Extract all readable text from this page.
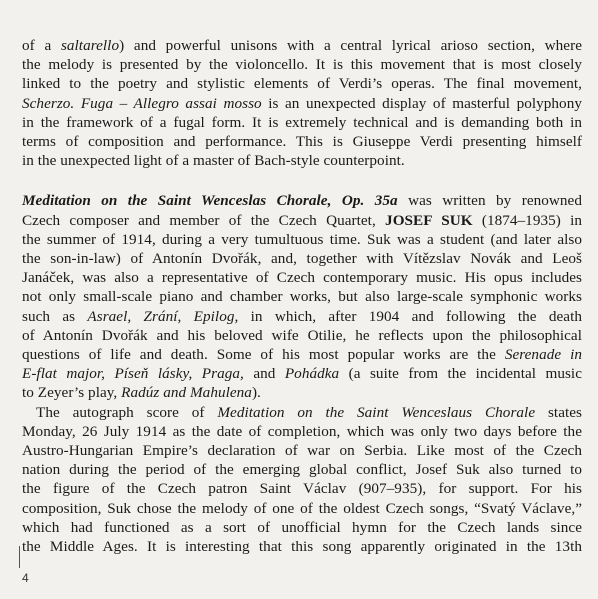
of a saltarello) and powerful unisons with a central lyrical arioso section, where
the melody is presented by the violoncello. It is this movement that is most closely
linked to the poetry and stylistic elements of Verdi’s operas. The final movement,
Scherzo. Fuga – Allegro assai mosso is an unexpected display of masterful polyphony
in the framework of a fugal form. It is extremely technical and is demanding both in
terms of composition and performance. This is Giuseppe Verdi presenting himself
in the unexpected light of a master of Bach-style counterpoint.
Meditation on the Saint Wenceslas Chorale, Op. 35a was written by renowned
Czech composer and member of the Czech Quartet, JOSEF SUK (1874–1935) in
the summer of 1914, during a very tumultuous time. Suk was a student (and later also
the son-in-law) of Antonín Dvořák, and, together with Vítězslav Novák and Leoš
Janáček, was also a representative of Czech contemporary music. His opus includes
not only small-scale piano and chamber works, but also large-scale symphonic works
such as Asrael, Zrání, Epilog, in which, after 1904 and following the death
of Antonín Dvořák and his beloved wife Otilie, he reflects upon the philosophical
questions of life and death. Some of his most popular works are the Serenade in
E-flat major, Píseň lásky, Praga, and Pohádka (a suite from the incidental music
to Zeyer’s play, Radúz and Mahulena).
The autograph score of Meditation on the Saint Wenceslaus Chorale states
Monday, 26 July 1914 as the date of completion, which was only two days before the
Austro-Hungarian Empire’s declaration of war on Serbia. Like most of the Czech
nation during the period of the emerging global conflict, Josef Suk also turned to
the figure of the Czech patron Saint Václav (907–935), for support. For his
composition, Suk chose the melody of one of the oldest Czech songs, “Svatý Václave,”
which had functioned as a sort of unofficial hymn for the Czech lands since
the Middle Ages. It is interesting that this song apparently originated in the 13th
4
